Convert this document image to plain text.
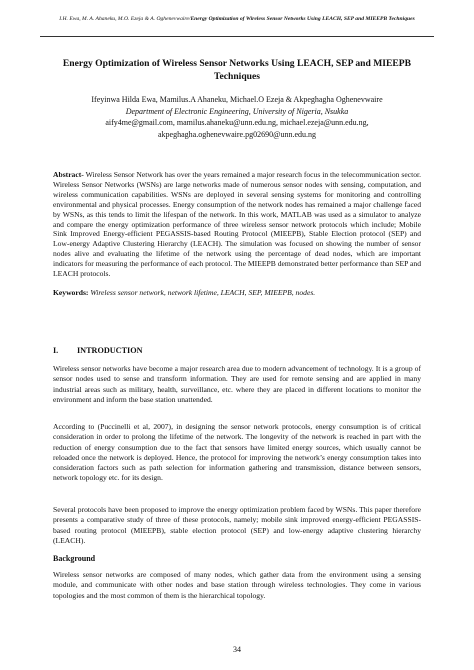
I.H. Ewa, M. A. Ahaneku, M.O. Ezeja & A. Oghenevwaire/Energy Optimization of Wireless Sensor Networks Using LEACH, SEP and MIEEPB Techniques
Energy Optimization of Wireless Sensor Networks Using LEACH, SEP and MIEEPB Techniques
Ifeyinwa Hilda Ewa, Mamilus.A Ahaneku, Michael.O Ezeja & Akpeghagha Oghenevwaire
Department of Electronic Engineering, University of Nigeria, Nsukka
aify4me@gmail.com, mamilus.ahaneku@unn.edu.ng, michael.ezeja@unn.edu.ng,
akpeghagha.oghenevwaire.pg02690@unn.edu.ng
Abstract- Wireless Sensor Network has over the years remained a major research focus in the telecommunication sector. Wireless Sensor Networks (WSNs) are large networks made of numerous sensor nodes with sensing, computation, and wireless communication capabilities. WSNs are deployed in several sensing systems for monitoring and controlling environmental and physical processes. Energy consumption of the network nodes has remained a major challenge faced by WSNs, as this tends to limit the lifespan of the network. In this work, MATLAB was used as a simulator to analyze and compare the energy optimization performance of three wireless sensor network protocols which include; Mobile Sink Improved Energy-efficient PEGASSIS-based Routing Protocol (MIEEPB), Stable Election protocol (SEP) and Low-energy Adaptive Clustering Hierarchy (LEACH). The simulation was focused on showing the number of sensor nodes alive and evaluating the lifetime of the network using the percentage of dead nodes, which are important indicators for measuring the performance of each protocol. The MIEEPB demonstrated better performance than SEP and LEACH protocols.
Keywords: Wireless sensor network, network lifetime, LEACH, SEP, MIEEPB, nodes.
I. INTRODUCTION
Wireless sensor networks have become a major research area due to modern advancement of technology. It is a group of sensor nodes used to sense and transform information. They are used for remote sensing and are applied in many industrial areas such as military, health, surveillance, etc. where they are placed in different locations to monitor the environment and inform the base station unattended.
According to (Puccinelli et al, 2007), in designing the sensor network protocols, energy consumption is of critical consideration in order to prolong the lifetime of the network. The longevity of the network is reached in part with the reduction of energy consumption due to the fact that sensors have limited energy sources, which usually cannot be reloaded once the network is deployed. Hence, the protocol for improving the network’s energy consumption takes into consideration factors such as path selection for information gathering and transmission, distance between sensors, network topology etc. for its design.
Several protocols have been proposed to improve the energy optimization problem faced by WSNs. This paper therefore presents a comparative study of three of these protocols, namely; mobile sink improved energy-efficient PEGASSIS-based routing protocol (MIEEPB), stable election protocol (SEP) and low-energy adaptive clustering hierarchy (LEACH).
Background
Wireless sensor networks are composed of many nodes, which gather data from the environment using a sensing module, and communicate with other nodes and base station through wireless technologies. They come in various topologies and the most common of them is the hierarchical topology.
34
